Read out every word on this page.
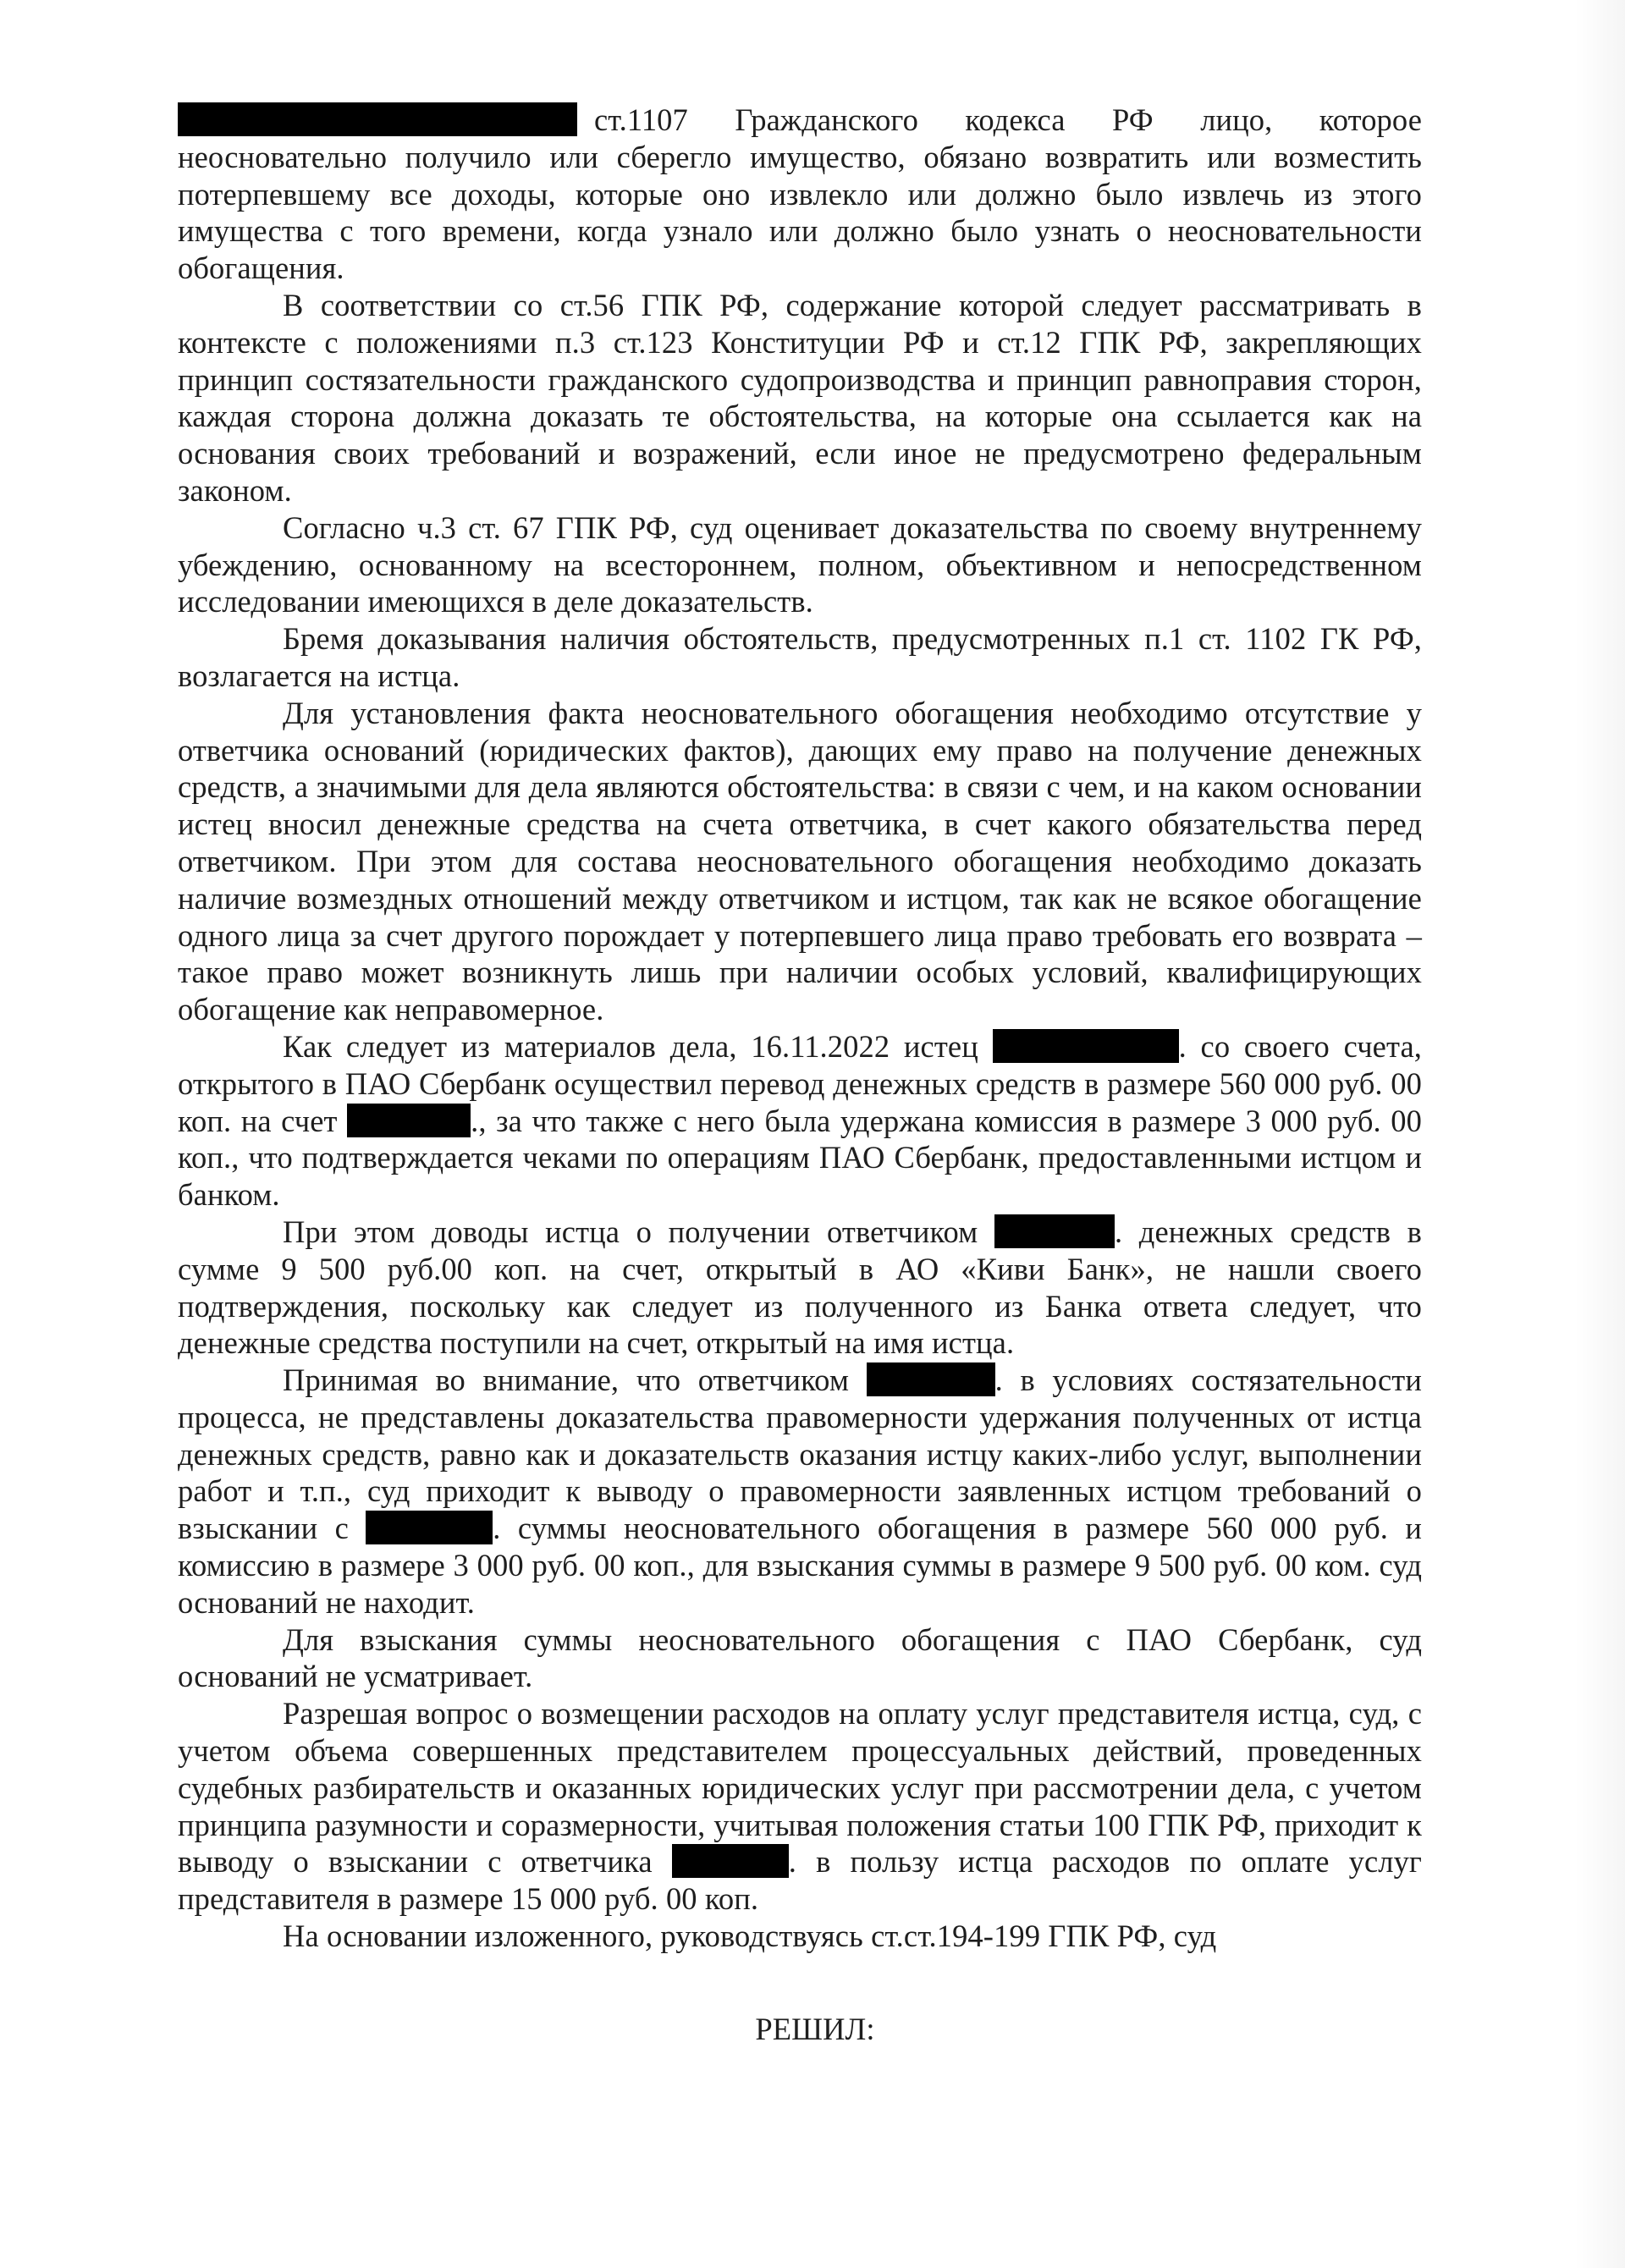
ст.1107 Гражданского кодекса РФ лицо, которое неосновательно получило или сберегло имущество, обязано возвратить или возместить потерпевшему все доходы, которые оно извлекло или должно было извлечь из этого имущества с того времени, когда узнало или должно было узнать о неосновательности обогащения.

В соответствии со ст.56 ГПК РФ, содержание которой следует рассматривать в контексте с положениями п.3 ст.123 Конституции РФ и ст.12 ГПК РФ, закрепляющих принцип состязательности гражданского судопроизводства и принцип равноправия сторон, каждая сторона должна доказать те обстоятельства, на которые она ссылается как на основания своих требований и возражений, если иное не предусмотрено федеральным законом.

Согласно ч.3 ст. 67 ГПК РФ, суд оценивает доказательства по своему внутреннему убеждению, основанному на всестороннем, полном, объективном и непосредственном исследовании имеющихся в деле доказательств.

Бремя доказывания наличия обстоятельств, предусмотренных п.1 ст. 1102 ГК РФ, возлагается на истца.

Для установления факта неосновательного обогащения необходимо отсутствие у ответчика оснований (юридических фактов), дающих ему право на получение денежных средств, а значимыми для дела являются обстоятельства: в связи с чем, и на каком основании истец вносил денежные средства на счета ответчика, в счет какого обязательства перед ответчиком. При этом для состава неосновательного обогащения необходимо доказать наличие возмездных отношений между ответчиком и истцом, так как не всякое обогащение одного лица за счет другого порождает у потерпевшего лица право требовать его возврата – такое право может возникнуть лишь при наличии особых условий, квалифицирующих обогащение как неправомерное.

Как следует из материалов дела, 16.11.2022 истец	. со своего счета, открытого в ПАО Сбербанк осуществил перевод денежных средств в размере 560 000 руб. 00 коп. на счет	., за что также с него была удержана комиссия в размере 3 000 руб. 00 коп., что подтверждается чеками по операциям ПАО Сбербанк, предоставленными истцом и банком.

При этом доводы истца о получении ответчиком	. денежных средств в сумме 9 500 руб.00 коп. на счет, открытый в АО «Киви Банк», не нашли своего подтверждения, поскольку как следует из полученного из Банка ответа следует, что денежные средства поступили на счет, открытый на имя истца.

Принимая во внимание, что ответчиком	. в условиях состязательности процесса, не представлены доказательства правомерности удержания полученных от истца денежных средств, равно как и доказательств оказания истцу каких-либо услуг, выполнении работ и т.п., суд приходит к выводу о правомерности заявленных истцом требований о взыскании с	. суммы неосновательного обогащения в размере 560 000 руб. и комиссию в размере 3 000 руб. 00 коп., для взыскания суммы в размере 9 500 руб. 00 ком. суд оснований не находит.

Для взыскания суммы неосновательного обогащения с ПАО Сбербанк, суд оснований не усматривает.

Разрешая вопрос о возмещении расходов на оплату услуг представителя истца, суд, с учетом объема совершенных представителем процессуальных действий, проведенных судебных разбирательств и оказанных юридических услуг при рассмотрении дела, с учетом принципа разумности и соразмерности, учитывая положения статьи 100 ГПК РФ, приходит к выводу о взыскании с ответчика	. в пользу истца расходов по оплате услуг представителя в размере 15 000 руб. 00 коп.

На основании изложенного, руководствуясь ст.ст.194-199 ГПК РФ, суд

РЕШИЛ:
